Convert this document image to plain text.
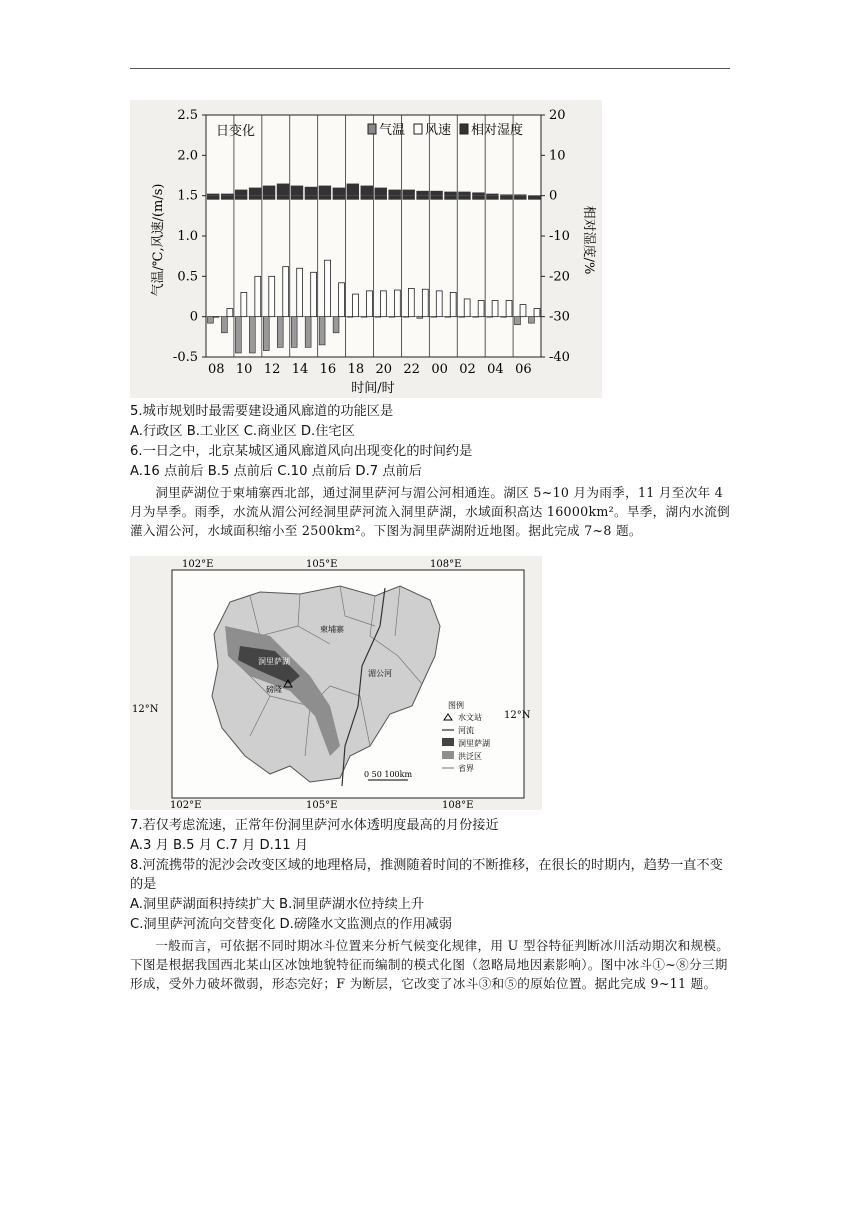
-0.5
0
0.5
1.0
1.5
2.0
2.5
-40
-30
-20
-10
0
10
20
08 10 12 14 16 18 20 22 00 02 04 06
日变化	气温 风速 相对湿度
气温/℃,风速/(m/s)	相对湿度/%
时间/时
5.城市规划时最需要建设通风廊道的功能区是
A.行政区 B.工业区 C.商业区 D.住宅区
6.一日之中，北京某城区通风廊道风向出现变化的时间约是
A.16 点前后 B.5 点前后 C.10 点前后 D.7 点前后
洞里萨湖位于柬埔寨西北部，通过洞里萨河与湄公河相通连。湖区 5~10 月为雨季，11 月至次年 4 月为旱季。雨季，水流从湄公河经洞里萨河流入洞里萨湖，水域面积高达 16000km²。旱季，湖内水流倒灌入湄公河，水域面积缩小至 2500km²。下图为洞里萨湖附近地图。据此完成 7~8 题。
102°E	105°E	108°E
102°E	105°E	108°E
12°N
12°N
柬埔寨
洞里萨湖
磅隆
湄公河
图例
水文站
河流
洞里萨湖
洪泛区
省界
0 50 100km
7.若仅考虑流速，正常年份洞里萨河水体透明度最高的月份接近
A.3 月 B.5 月 C.7 月 D.11 月
8.河流携带的泥沙会改变区域的地理格局，推测随着时间的不断推移，在很长的时期内，趋势一直不变的是
A.洞里萨湖面积持续扩大 B.洞里萨湖水位持续上升
C.洞里萨河流向交替变化 D.磅隆水文监测点的作用减弱
一般而言，可依据不同时期冰斗位置来分析气候变化规律，用 U 型谷特征判断冰川活动期次和规模。下图是根据我国西北某山区冰蚀地貌特征而编制的模式化图（忽略局地因素影响）。图中冰斗①~⑧分三期形成，受外力破坏微弱，形态完好；F 为断层，它改变了冰斗③和⑤的原始位置。据此完成 9~11 题。
